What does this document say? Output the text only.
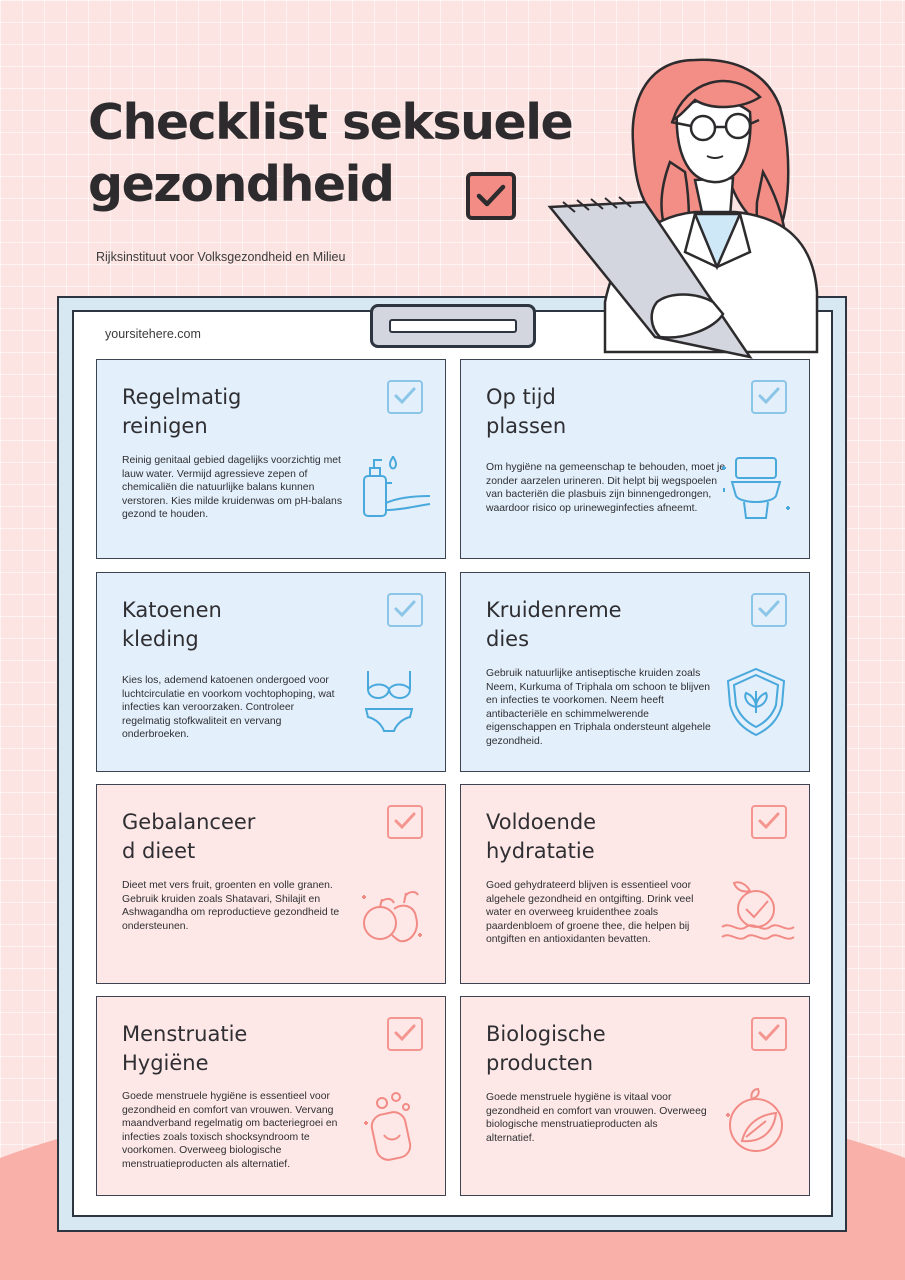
Checklist seksuele
gezondheid
Rijksinstituut voor Volksgezondheid en Milieu
yoursitehere.com
Regelmatig
reinigen
Reinig genitaal gebied dagelijks voorzichtig met lauw water. Vermijd agressieve zepen of chemicaliën die natuurlijke balans kunnen verstoren. Kies milde kruidenwas om pH-balans gezond te houden.
Op tijd
plassen
Om hygiëne na gemeenschap te behouden, moet je zonder aarzelen urineren. Dit helpt bij wegspoelen van bacteriën die plasbuis zijn binnengedrongen, waardoor risico op urineweginfecties afneemt.
Katoenen
kleding
Kies los, ademend katoenen ondergoed voor luchtcirculatie en voorkom vochtophoping, wat infecties kan veroorzaken. Controleer regelmatig stofkwaliteit en vervang onderbroeken.
Kruidenreme
dies
Gebruik natuurlijke antiseptische kruiden zoals Neem, Kurkuma of Triphala om schoon te blijven en infecties te voorkomen. Neem heeft antibacteriële en schimmelwerende eigenschappen en Triphala ondersteunt algehele gezondheid.
Gebalanceer
d dieet
Dieet met vers fruit, groenten en volle granen. Gebruik kruiden zoals Shatavari, Shilajit en Ashwagandha om reproductieve gezondheid te ondersteunen.
Voldoende
hydratatie
Goed gehydrateerd blijven is essentieel voor algehele gezondheid en ontgifting. Drink veel water en overweeg kruidenthee zoals paardenbloem of groene thee, die helpen bij ontgiften en antioxidanten bevatten.
Menstruatie
Hygiëne
Goede menstruele hygiëne is essentieel voor gezondheid en comfort van vrouwen. Vervang maandverband regelmatig om bacteriegroei en infecties zoals toxisch shocksyndroom te voorkomen. Overweeg biologische menstruatieproducten als alternatief.
Biologische
producten
Goede menstruele hygiëne is vitaal voor gezondheid en comfort van vrouwen. Overweeg biologische menstruatieproducten als alternatief.
